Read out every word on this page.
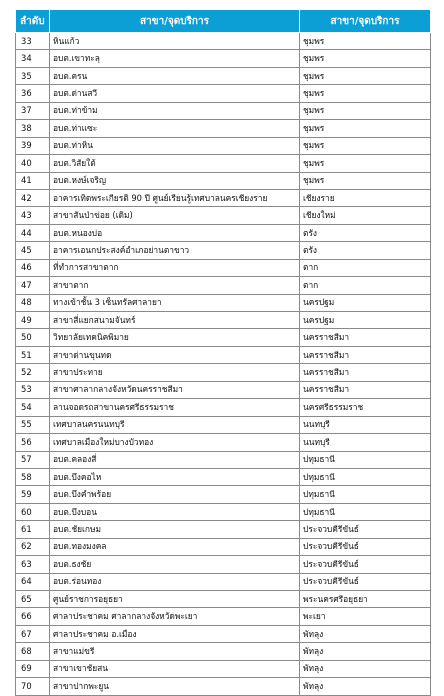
ลำดับ	สาขา/จุดบริการ	สาขา/จุดบริการ
33	หินแก้ว	ชุมพร
34	อบต.เขาทะลุ	ชุมพร
35	อบต.ครน	ชุมพร
36	อบต.ด่านสวี	ชุมพร
37	อบต.ท่าข้าม	ชุมพร
38	อบต.ท่าแซะ	ชุมพร
39	อบต.ท่าหิน	ชุมพร
40	อบต.วิสัยใต้	ชุมพร
41	อบต.หงษ์เจริญ	ชุมพร
42	อาคารเทิดพระเกียรติ 90 ปี ศูนย์เรียนรู้เทศบาลนครเชียงราย	เชียงราย
43	สาขาสันป่าข่อย (เดิม)	เชียงใหม่
44	อบต.หนองบ่อ	ตรัง
45	อาคารเอนกประสงค์อำเภอย่านตาขาว	ตรัง
46	ที่ทำการสาขาตาก	ตาก
47	สาขาตาก	ตาก
48	ทางเข้าชั้น 3 เซ็นทรัลศาลายา	นครปฐม
49	สาขาสี่แยกสนามจันทร์	นครปฐม
50	วิทยาลัยเทคนิคพิมาย	นครราชสีมา
51	สาขาด่านขุนทด	นครราชสีมา
52	สาขาประทาย	นครราชสีมา
53	สาขาศาลากลางจังหวัดนครราชสีมา	นครราชสีมา
54	ลานจอดรถสาขานครศรีธรรมราช	นครศรีธรรมราช
55	เทศบาลนครนนทบุรี	นนทบุรี
56	เทศบาลเมืองใหม่บางบัวทอง	นนทบุรี
57	อบต.คลองสี่	ปทุมธานี
58	อบต.บึงคอไห	ปทุมธานี
59	อบต.บึงคำพร้อย	ปทุมธานี
60	อบต.บึงบอน	ปทุมธานี
61	อบต.ชัยเกษม	ประจวบคีรีขันธ์
62	อบต.ทองมงคล	ประจวบคีรีขันธ์
63	อบต.ธงชัย	ประจวบคีรีขันธ์
64	อบต.ร่อนทอง	ประจวบคีรีขันธ์
65	ศูนย์ราชการอยุธยา	พระนครศรีอยุธยา
66	ศาลาประชาคม ศาลากลางจังหวัดพะเยา	พะเยา
67	ศาลาประชาคม อ.เมือง	พัทลุง
68	สาขาแม่ขรี	พัทลุง
69	สาขาเขาชัยสน	พัทลุง
70	สาขาปากพะยูน	พัทลุง
